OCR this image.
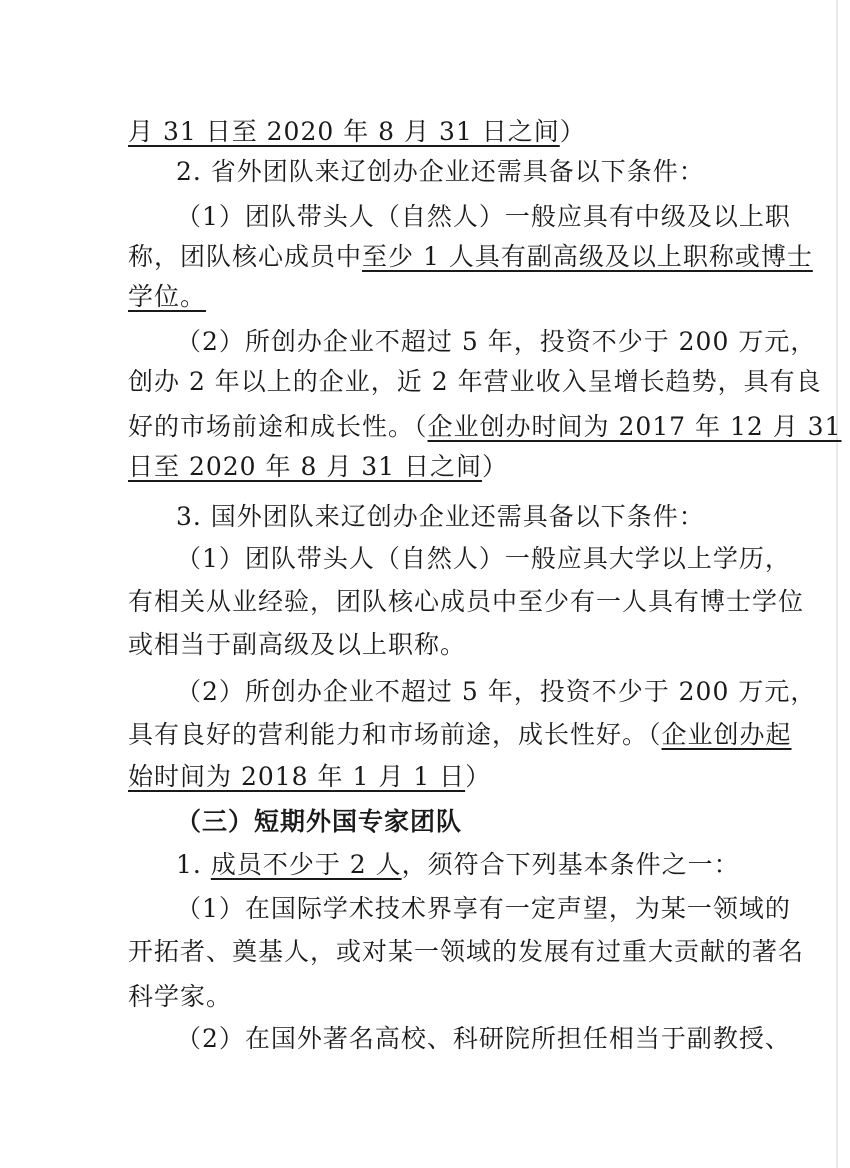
月 31 日至 2020 年 8 月 31 日之间）
2. 省外团队来辽创办企业还需具备以下条件：
（1）团队带头人（自然人）一般应具有中级及以上职
称，团队核心成员中至少 1 人具有副高级及以上职称或博士
学位。
（2）所创办企业不超过 5 年，投资不少于 200 万元，
创办 2 年以上的企业，近 2 年营业收入呈增长趋势，具有良
好的市场前途和成长性。（企业创办时间为 2017 年 12 月 31
日至 2020 年 8 月 31 日之间）
3. 国外团队来辽创办企业还需具备以下条件：
（1）团队带头人（自然人）一般应具大学以上学历，
有相关从业经验，团队核心成员中至少有一人具有博士学位
或相当于副高级及以上职称。
（2）所创办企业不超过 5 年，投资不少于 200 万元，
具有良好的营利能力和市场前途，成长性好。（企业创办起
始时间为 2018 年 1 月 1 日）
（三）短期外国专家团队
1. 成员不少于 2 人，须符合下列基本条件之一：
（1）在国际学术技术界享有一定声望，为某一领域的
开拓者、奠基人，或对某一领域的发展有过重大贡献的著名
科学家。
（2）在国外著名高校、科研院所担任相当于副教授、
